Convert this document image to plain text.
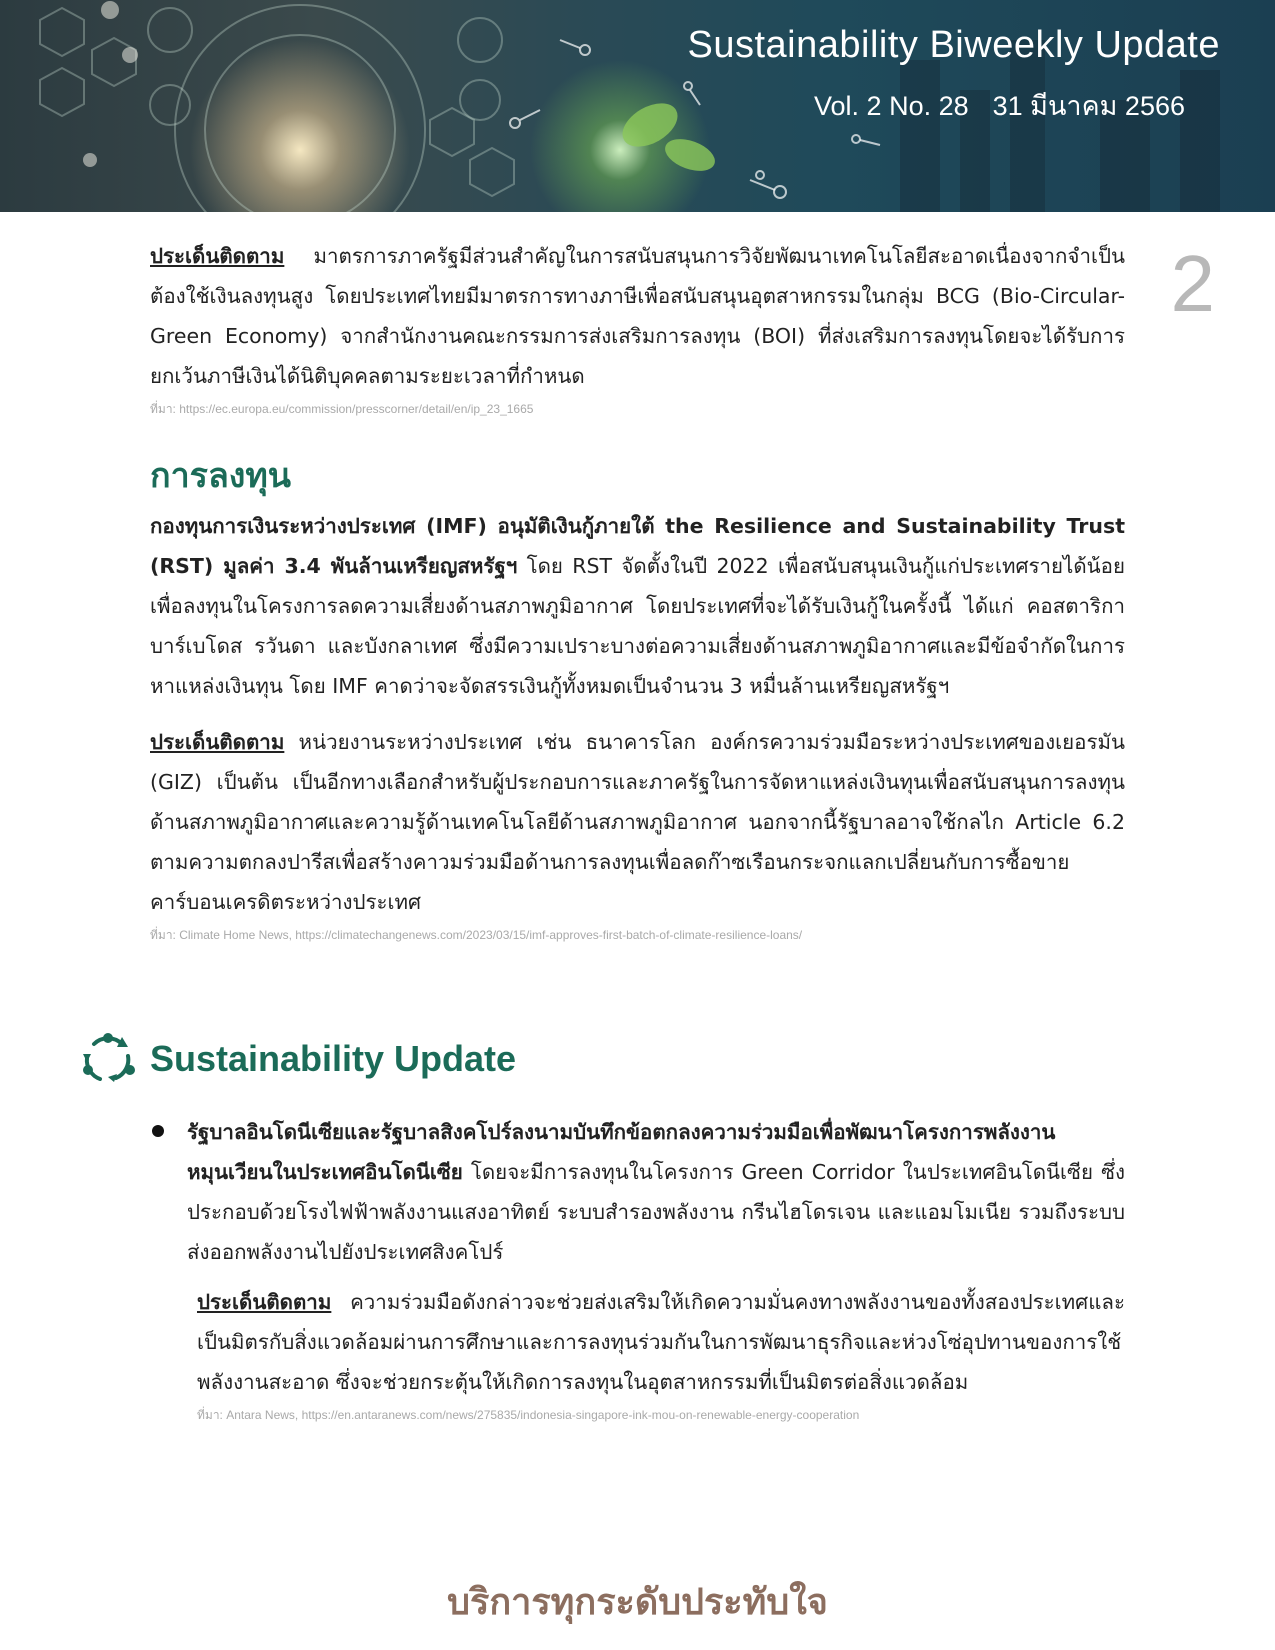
Sustainability Biweekly Update
Vol. 2 No. 28 31 มีนาคม 2566
2

ประเด็นติดตาม มาตรการภาครัฐมีส่วนสำคัญในการสนับสนุนการวิจัยพัฒนาเทคโนโลยีสะอาดเนื่องจากจำเป็นต้องใช้เงินลงทุนสูง โดยประเทศไทยมีมาตรการทางภาษีเพื่อสนับสนุนอุตสาหกรรมในกลุ่ม BCG (Bio-Circular-Green Economy) จากสำนักงานคณะกรรมการส่งเสริมการลงทุน (BOI) ที่ส่งเสริมการลงทุนโดยจะได้รับการยกเว้นภาษีเงินได้นิติบุคคลตามระยะเวลาที่กำหนด

ที่มา: https://ec.europa.eu/commission/presscorner/detail/en/ip_23_1665
การลงทุน

กองทุนการเงินระหว่างประเทศ (IMF) อนุมัติเงินกู้ภายใต้ the Resilience and Sustainability Trust (RST) มูลค่า 3.4 พันล้านเหรียญสหรัฐฯ โดย RST จัดตั้งในปี 2022 เพื่อสนับสนุนเงินกู้แก่ประเทศรายได้น้อยเพื่อลงทุนในโครงการลดความเสี่ยงด้านสภาพภูมิอากาศ โดยประเทศที่จะได้รับเงินกู้ในครั้งนี้ ได้แก่ คอสตาริกา บาร์เบโดส รวันดา และบังกลาเทศ ซึ่งมีความเปราะบางต่อความเสี่ยงด้านสภาพภูมิอากาศและมีข้อจำกัดในการหาแหล่งเงินทุน โดย IMF คาดว่าจะจัดสรรเงินกู้ทั้งหมดเป็นจำนวน 3 หมื่นล้านเหรียญสหรัฐฯ

ประเด็นติดตาม หน่วยงานระหว่างประเทศ เช่น ธนาคารโลก องค์กรความร่วมมือระหว่างประเทศของเยอรมัน (GIZ) เป็นต้น เป็นอีกทางเลือกสำหรับผู้ประกอบการและภาครัฐในการจัดหาแหล่งเงินทุนเพื่อสนับสนุนการลงทุนด้านสภาพภูมิอากาศและความรู้ด้านเทคโนโลยีด้านสภาพภูมิอากาศ นอกจากนี้รัฐบาลอาจใช้กลไก Article 6.2 ตามความตกลงปารีสเพื่อสร้างคาวมร่วมมือด้านการลงทุนเพื่อลดก๊าซเรือนกระจกแลกเปลี่ยนกับการซื้อขายคาร์บอนเครดิตระหว่างประเทศ

ที่มา: Climate Home News, https://climatechangenews.com/2023/03/15/imf-approves-first-batch-of-climate-resilience-loans/
Sustainability Update

รัฐบาลอินโดนีเซียและรัฐบาลสิงคโปร์ลงนามบันทึกข้อตกลงความร่วมมือเพื่อพัฒนาโครงการพลังงานหมุนเวียนในประเทศอินโดนีเซีย โดยจะมีการลงทุนในโครงการ Green Corridor ในประเทศอินโดนีเซีย ซึ่งประกอบด้วยโรงไฟฟ้าพลังงานแสงอาทิตย์ ระบบสำรองพลังงาน กรีนไฮโดรเจน และแอมโมเนีย รวมถึงระบบส่งออกพลังงานไปยังประเทศสิงคโปร์

ประเด็นติดตาม ความร่วมมือดังกล่าวจะช่วยส่งเสริมให้เกิดความมั่นคงทางพลังงานของทั้งสองประเทศและเป็นมิตรกับสิ่งแวดล้อมผ่านการศึกษาและการลงทุนร่วมกันในการพัฒนาธุรกิจและห่วงโซ่อุปทานของการใช้พลังงานสะอาด ซึ่งจะช่วยกระตุ้นให้เกิดการลงทุนในอุตสาหกรรมที่เป็นมิตรต่อสิ่งแวดล้อม

ที่มา: Antara News, https://en.antaranews.com/news/275835/indonesia-singapore-ink-mou-on-renewable-energy-cooperation
บริการทุกระดับประทับใจ
